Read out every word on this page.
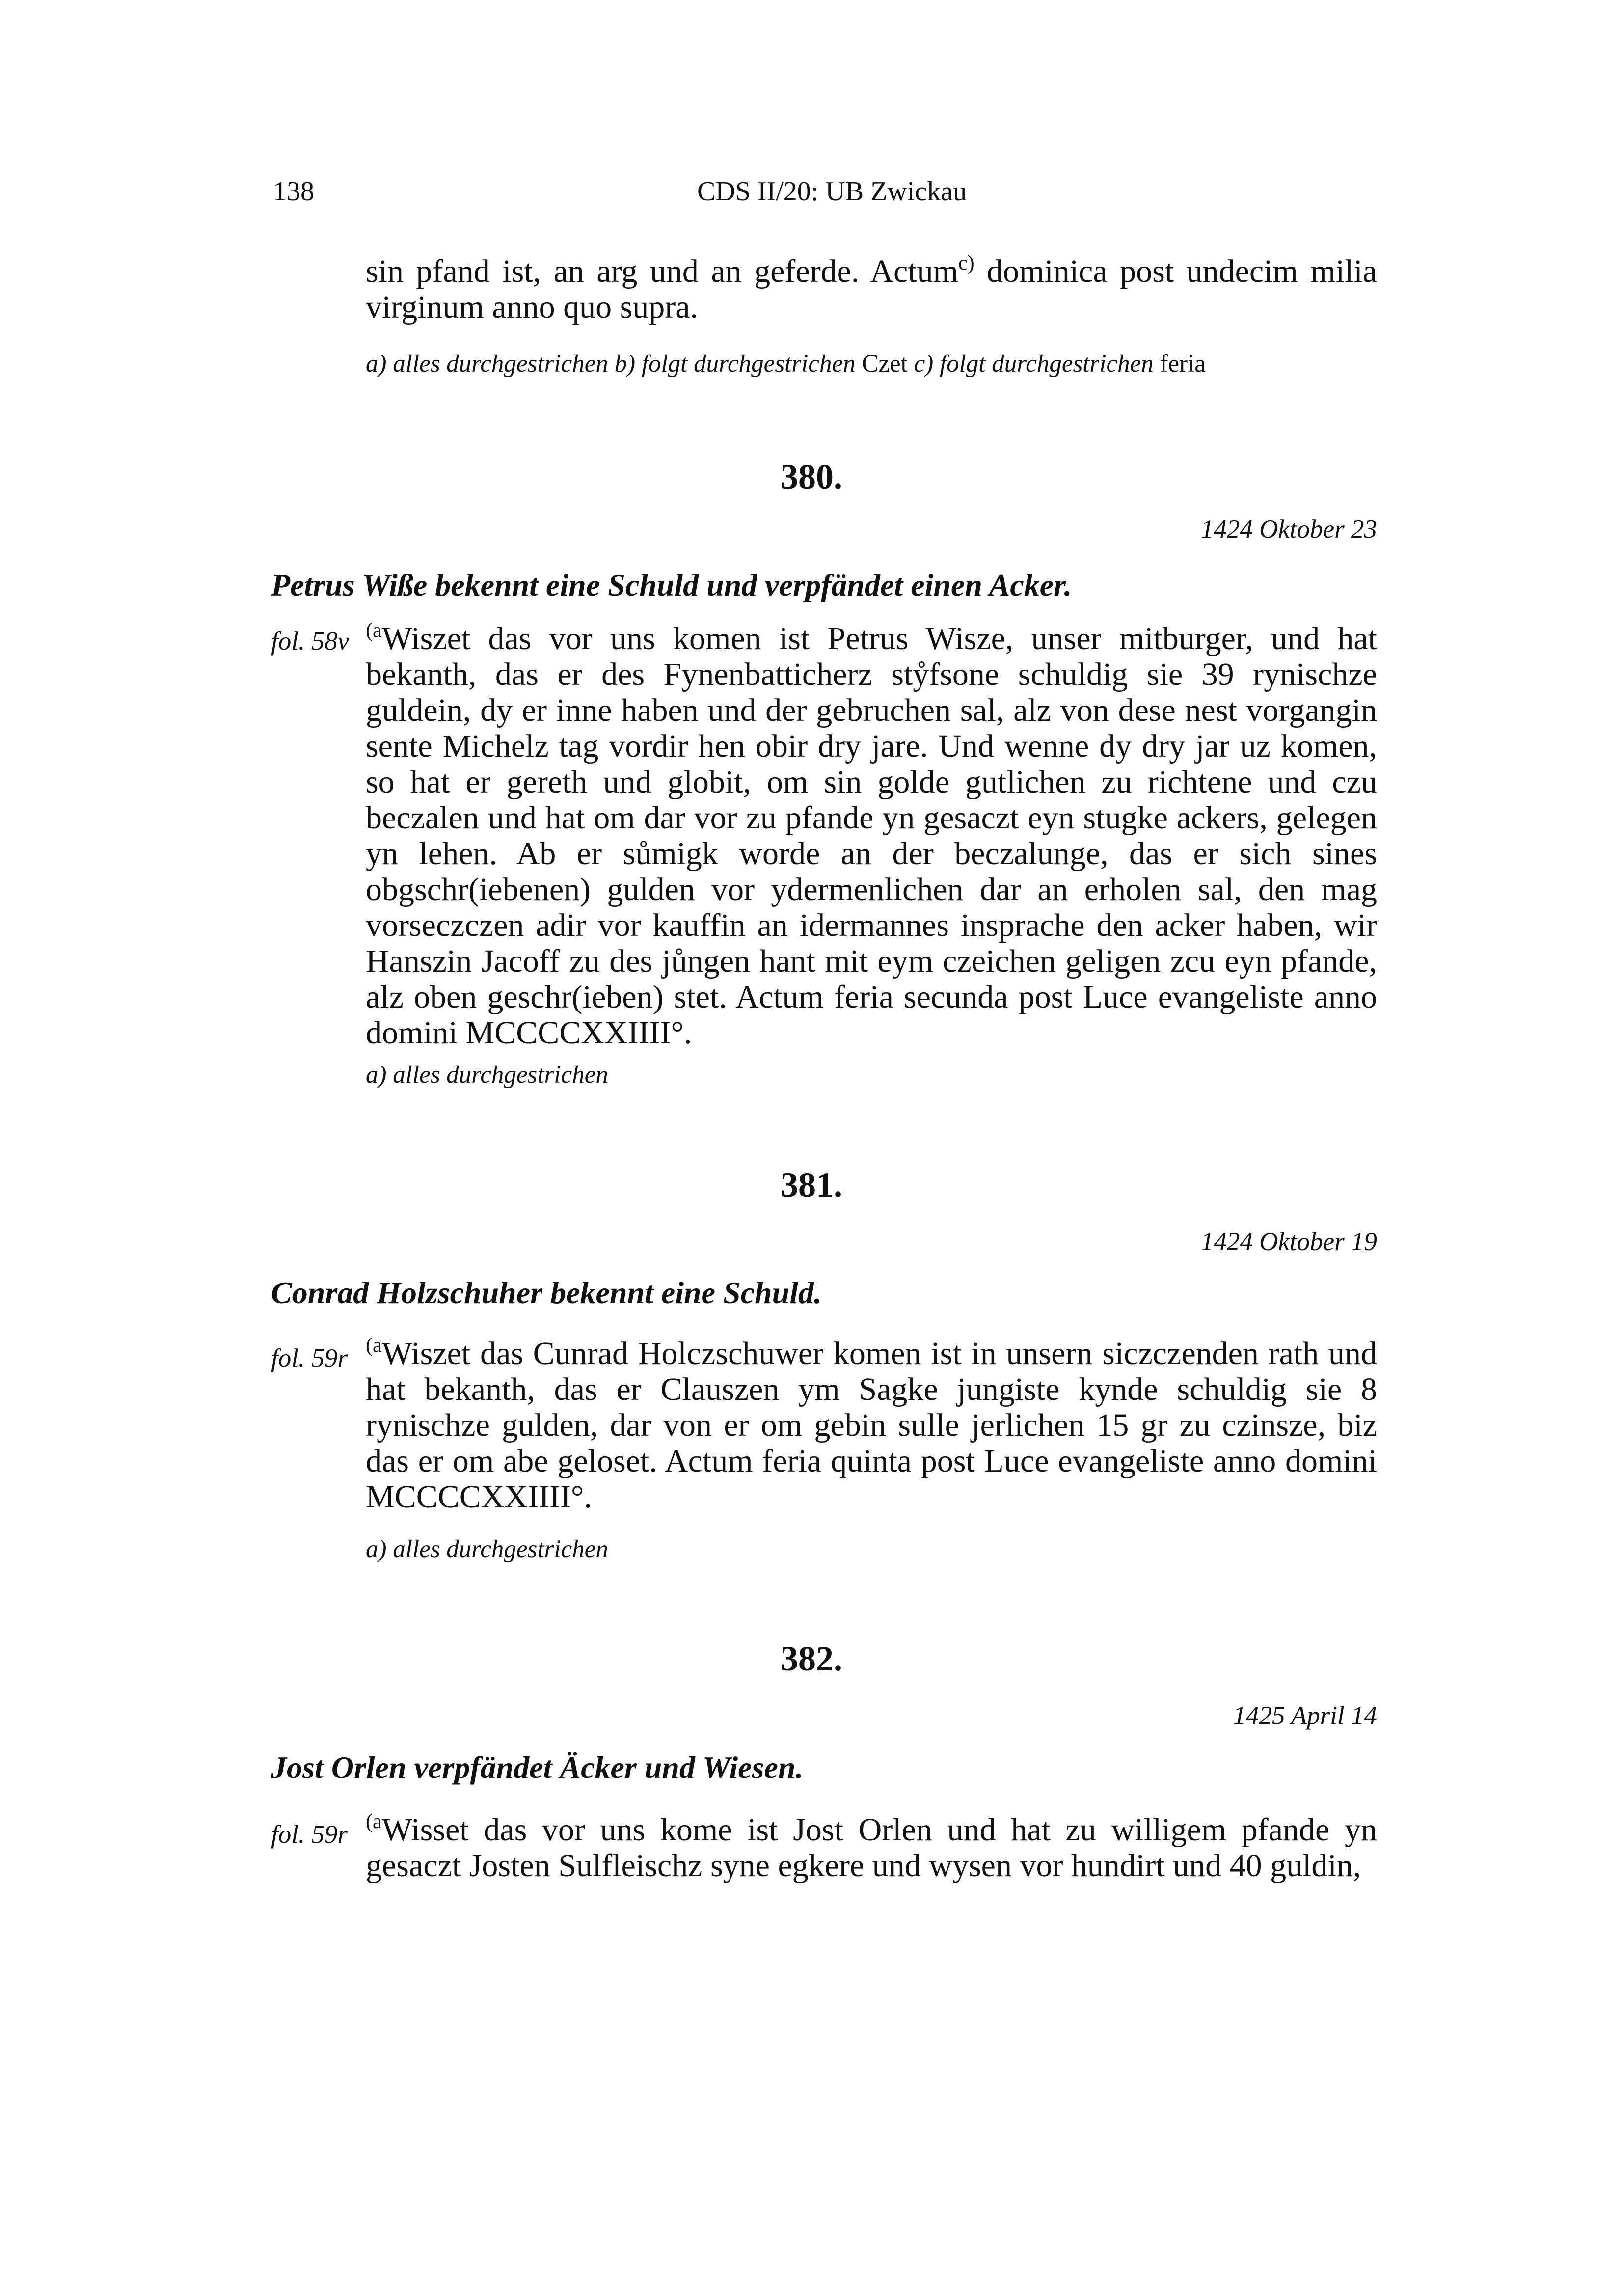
138	CDS II/20: UB Zwickau
sin pfand ist, an arg und an geferde. Actum$^{c)}$ dominica post undecim milia virginum anno quo supra.
a) alles durchgestrichen b) folgt durchgestrichen Czet c) folgt durchgestrichen feria
380.
1424 Oktober 23
Petrus Wiße bekennt eine Schuld und verpfändet einen Acker.
fol. 58v $^{(a}$Wiszet das vor uns komen ist Petrus Wisze, unser mitburger, und hat bekanth, das er des Fynenbatticherz stẙfsone schuldig sie 39 rynischze guldein, dy er inne haben und der gebruchen sal, alz von dese nest vorgangin sente Michelz tag vordir hen obir dry jare. Und wenne dy dry jar uz komen, so hat er gereth und globit, om sin golde gutlichen zu richtene und czu beczalen und hat om dar vor zu pfande yn gesaczt eyn stugke ackers, gelegen yn lehen. Ab er sůmigk worde an der beczalunge, das er sich sines obgschr(iebenen) gulden vor ydermenlichen dar an erholen sal, den mag vorseczczen adir vor kauffin an idermannes insprache den acker haben, wir Hanszin Jacoff zu des jůngen hant mit eym czeichen geligen zcu eyn pfande, alz oben geschr(ieben) stet. Actum feria secunda post Luce evangeliste anno domini MCCCCXXIIII°.
a) alles durchgestrichen
381.
1424 Oktober 19
Conrad Holzschuher bekennt eine Schuld.
fol. 59r $^{(a}$Wiszet das Cunrad Holczschuwer komen ist in unsern siczczenden rath und hat bekanth, das er Clauszen ym Sagke jungiste kynde schuldig sie 8 rynischze gulden, dar von er om gebin sulle jerlichen 15 gr zu czinsze, biz das er om abe geloset. Actum feria quinta post Luce evangeliste anno domini MCCCCXXIIII°.
a) alles durchgestrichen
382.
1425 April 14
Jost Orlen verpfändet Äcker und Wiesen.
fol. 59r $^{(a}$Wisset das vor uns kome ist Jost Orlen und hat zu willigem pfande yn gesaczt Josten Sulfleischz syne egkere und wysen vor hundirt und 40 guldin,
